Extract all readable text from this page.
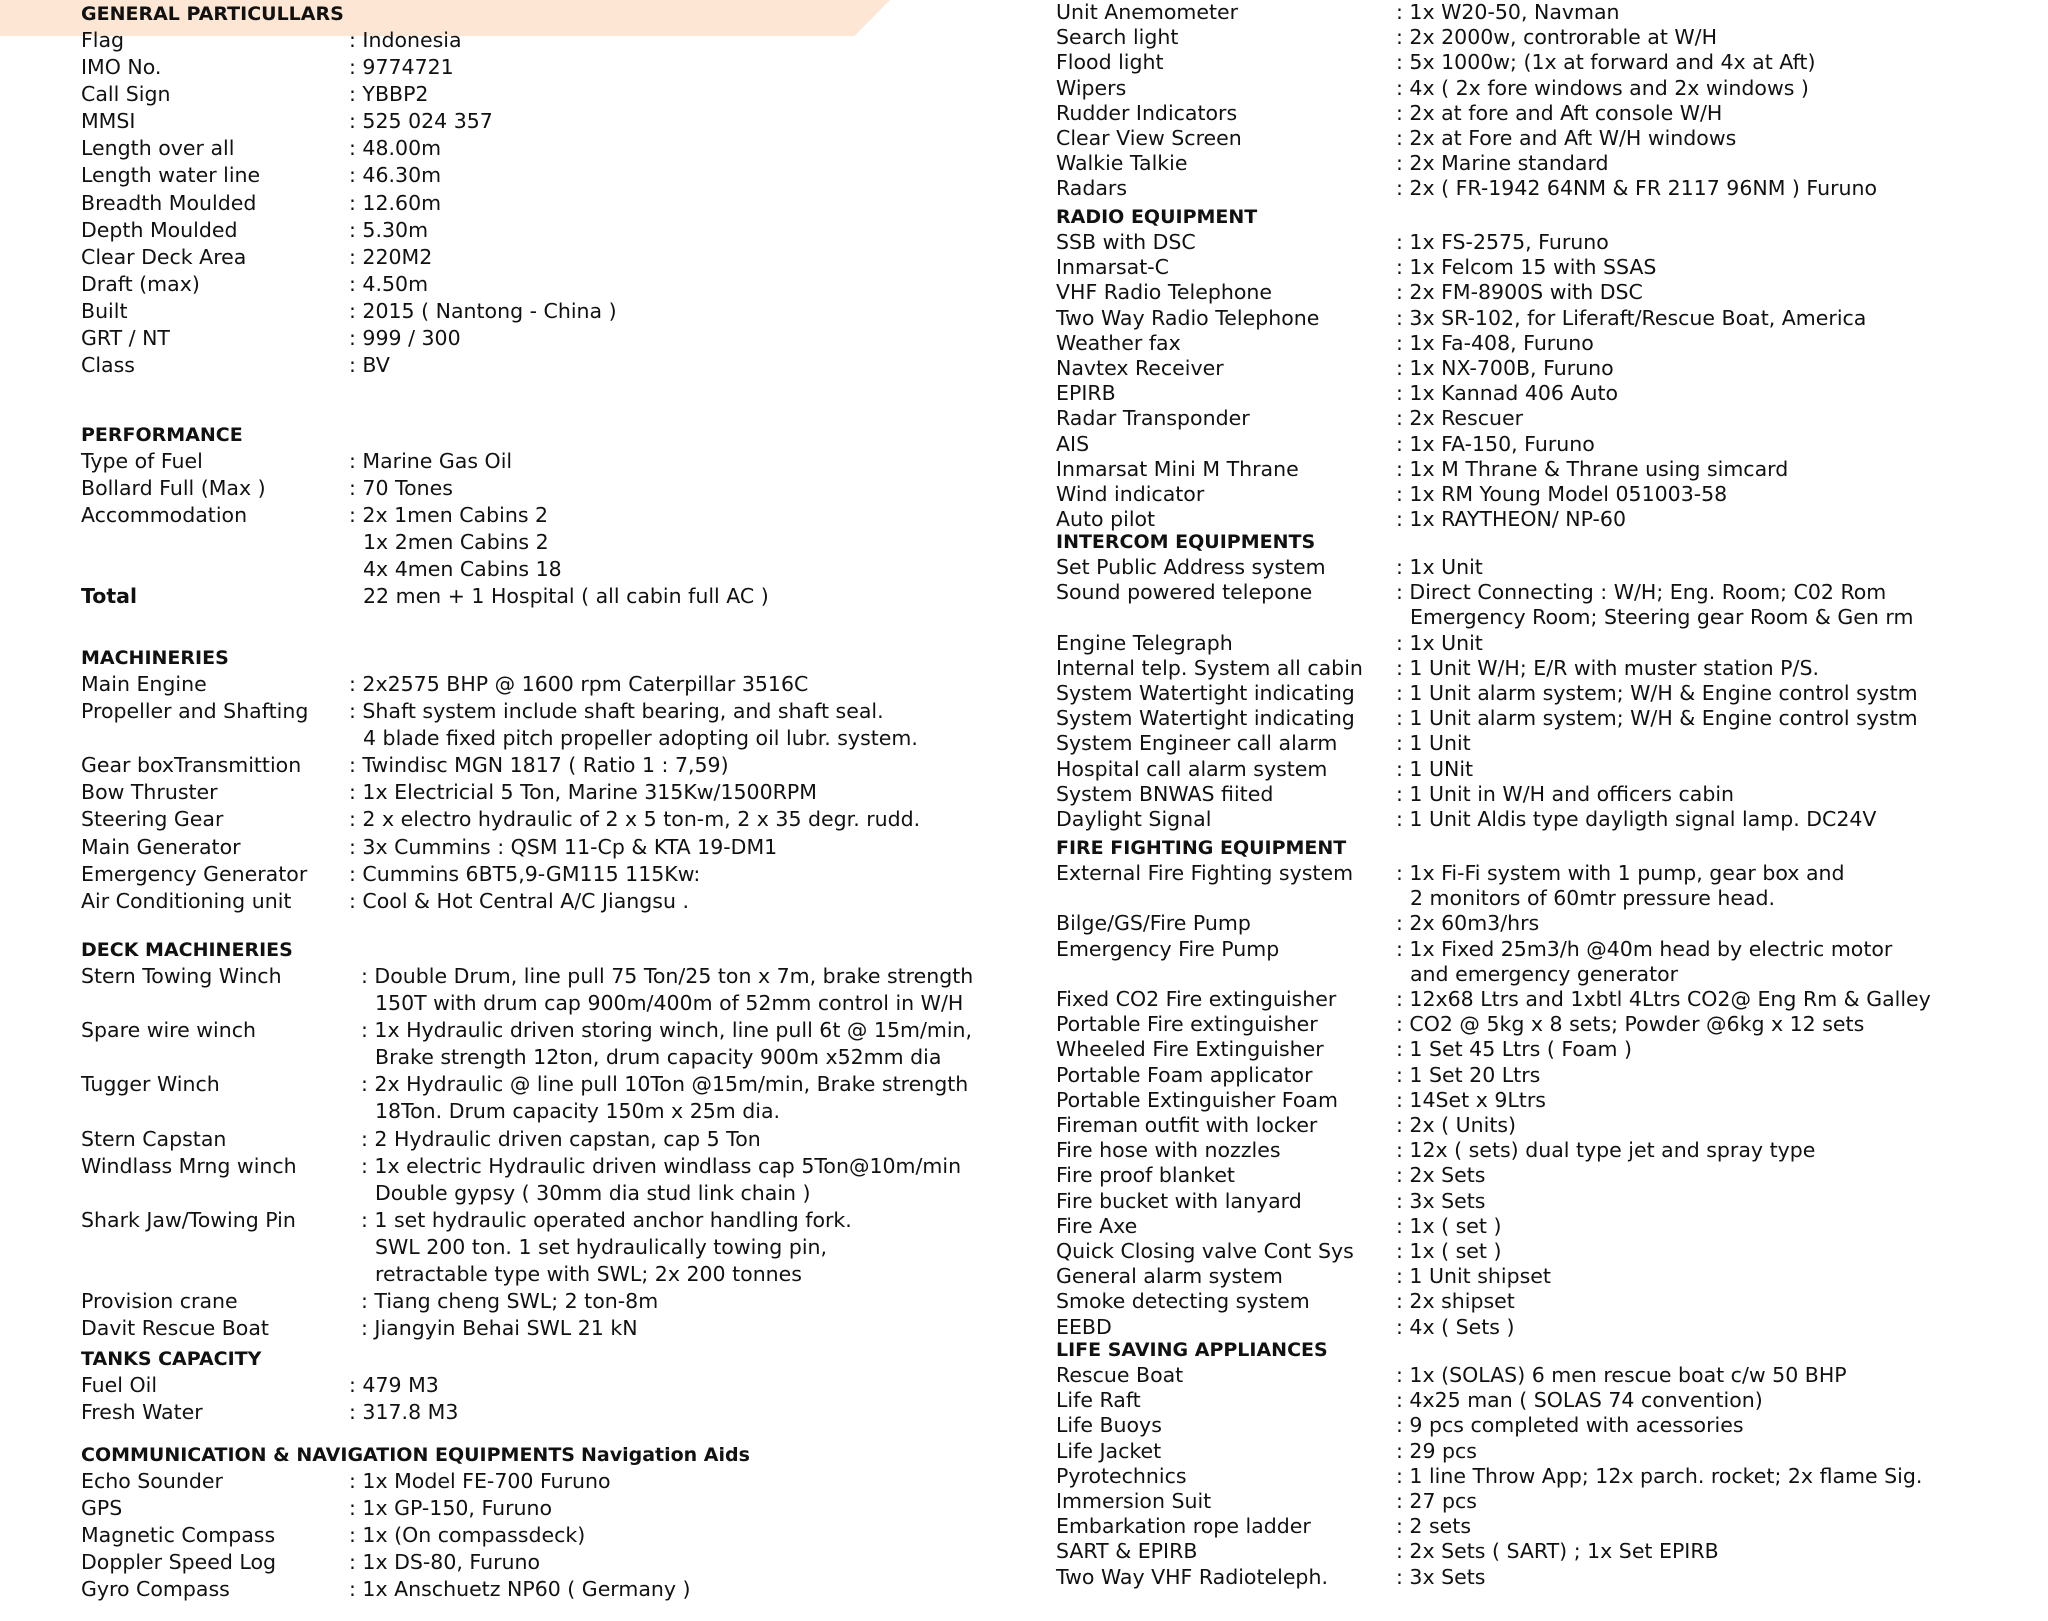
GENERAL PARTICULLARS
Flag	: Indonesia
IMO No.	: 9774721
Call Sign	: YBBP2
MMSI	: 525 024 357
Length over all	: 48.00m
Length water line	: 46.30m
Breadth Moulded	: 12.60m
Depth Moulded	: 5.30m
Clear Deck Area	: 220M2
Draft (max)	: 4.50m
Built	: 2015 ( Nantong - China )
GRT / NT	: 999 / 300
Class	: BV
PERFORMANCE
Type of Fuel	: Marine Gas Oil
Bollard Full (Max )	: 70 Tones
Accommodation	: 2x 1men Cabins 2
1x 2men Cabins 2
4x 4men Cabins 18
Total	22 men + 1 Hospital ( all cabin full AC )
MACHINERIES
Main Engine	: 2x2575 BHP @ 1600 rpm Caterpillar 3516C
Propeller and Shafting	: Shaft system include shaft bearing, and shaft seal.
4 blade fixed pitch propeller adopting oil lubr. system.
Gear boxTransmittion	: Twindisc MGN 1817 ( Ratio 1 : 7,59)
Bow Thruster	: 1x Electricial 5 Ton, Marine 315Kw/1500RPM
Steering Gear	: 2 x electro hydraulic of 2 x 5 ton-m, 2 x 35 degr. rudd.
Main Generator	: 3x Cummins : QSM 11-Cp & KTA 19-DM1
Emergency Generator	: Cummins 6BT5,9-GM115 115Kw:
Air Conditioning unit	: Cool & Hot Central A/C Jiangsu .
DECK MACHINERIES
Stern Towing Winch	: Double Drum, line pull 75 Ton/25 ton x 7m, brake strength
150T with drum cap 900m/400m of 52mm control in W/H
Spare wire winch	: 1x Hydraulic driven storing winch, line pull 6t @ 15m/min,
Brake strength 12ton, drum capacity 900m x52mm dia
Tugger Winch	: 2x Hydraulic @ line pull 10Ton @15m/min, Brake strength
18Ton. Drum capacity 150m x 25m dia.
Stern Capstan	: 2 Hydraulic driven capstan, cap 5 Ton
Windlass Mrng winch	: 1x electric Hydraulic driven windlass cap 5Ton@10m/min
Double gypsy ( 30mm dia stud link chain )
Shark Jaw/Towing Pin	: 1 set hydraulic operated anchor handling fork.
SWL 200 ton. 1 set hydraulically towing pin,
retractable type with SWL; 2x 200 tonnes
Provision crane	: Tiang cheng SWL; 2 ton-8m
Davit Rescue Boat	: Jiangyin Behai SWL 21 kN
TANKS CAPACITY
Fuel Oil	: 479 M3
Fresh Water	: 317.8 M3
COMMUNICATION & NAVIGATION EQUIPMENTS Navigation Aids
Echo Sounder	: 1x Model FE-700 Furuno
GPS	: 1x GP-150, Furuno
Magnetic Compass	: 1x (On compassdeck)
Doppler Speed Log	: 1x DS-80, Furuno
Gyro Compass	: 1x Anschuetz NP60 ( Germany )
Unit Anemometer	: 1x W20-50, Navman
Search light	: 2x 2000w, controrable at W/H
Flood light	: 5x 1000w; (1x at forward and 4x at Aft)
Wipers	: 4x ( 2x fore windows and 2x windows )
Rudder Indicators	: 2x at fore and Aft console W/H
Clear View Screen	: 2x at Fore and Aft W/H windows
Walkie Talkie	: 2x Marine standard
Radars	: 2x ( FR-1942 64NM & FR 2117 96NM ) Furuno
RADIO EQUIPMENT
SSB with DSC	: 1x FS-2575, Furuno
Inmarsat-C	: 1x Felcom 15 with SSAS
VHF Radio Telephone	: 2x FM-8900S with DSC
Two Way Radio Telephone	: 3x SR-102, for Liferaft/Rescue Boat, America
Weather fax	: 1x Fa-408, Furuno
Navtex Receiver	: 1x NX-700B, Furuno
EPIRB	: 1x Kannad 406 Auto
Radar Transponder	: 2x Rescuer
AIS	: 1x FA-150, Furuno
Inmarsat Mini M Thrane	: 1x M Thrane & Thrane using simcard
Wind indicator	: 1x RM Young Model 051003-58
Auto pilot	: 1x RAYTHEON/ NP-60
INTERCOM EQUIPMENTS
Set Public Address system	: 1x Unit
Sound powered telepone	: Direct Connecting : W/H; Eng. Room; C02 Rom
Emergency Room; Steering gear Room & Gen rm
Engine Telegraph	: 1x Unit
Internal telp. System all cabin	: 1 Unit W/H; E/R with muster station P/S.
System Watertight indicating	: 1 Unit alarm system; W/H & Engine control systm
System Watertight indicating	: 1 Unit alarm system; W/H & Engine control systm
System Engineer call alarm	: 1 Unit
Hospital call alarm system	: 1 UNit
System BNWAS fiited	: 1 Unit in W/H and officers cabin
Daylight Signal	: 1 Unit Aldis type dayligth signal lamp. DC24V
FIRE FIGHTING EQUIPMENT
External Fire Fighting system	: 1x Fi-Fi system with 1 pump, gear box and
2 monitors of 60mtr pressure head.
Bilge/GS/Fire Pump	: 2x 60m3/hrs
Emergency Fire Pump	: 1x Fixed 25m3/h @40m head by electric motor
and emergency generator
Fixed CO2 Fire extinguisher	: 12x68 Ltrs and 1xbtl 4Ltrs CO2@ Eng Rm & Galley
Portable Fire extinguisher	: CO2 @ 5kg x 8 sets; Powder @6kg x 12 sets
Wheeled Fire Extinguisher	: 1 Set 45 Ltrs ( Foam )
Portable Foam applicator	: 1 Set 20 Ltrs
Portable Extinguisher Foam	: 14Set x 9Ltrs
Fireman outfit with locker	: 2x ( Units)
Fire hose with nozzles	: 12x ( sets) dual type jet and spray type
Fire proof blanket	: 2x Sets
Fire bucket with lanyard	: 3x Sets
Fire Axe	: 1x ( set )
Quick Closing valve Cont Sys	: 1x ( set )
General alarm system	: 1 Unit shipset
Smoke detecting system	: 2x shipset
EEBD	: 4x ( Sets )
LIFE SAVING APPLIANCES
Rescue Boat	: 1x (SOLAS) 6 men rescue boat c/w 50 BHP
Life Raft	: 4x25 man ( SOLAS 74 convention)
Life Buoys	: 9 pcs completed with acessories
Life Jacket	: 29 pcs
Pyrotechnics	: 1 line Throw App; 12x parch. rocket; 2x flame Sig.
Immersion Suit	: 27 pcs
Embarkation rope ladder	: 2 sets
SART & EPIRB	: 2x Sets ( SART) ; 1x Set EPIRB
Two Way VHF Radioteleph.	: 3x Sets
